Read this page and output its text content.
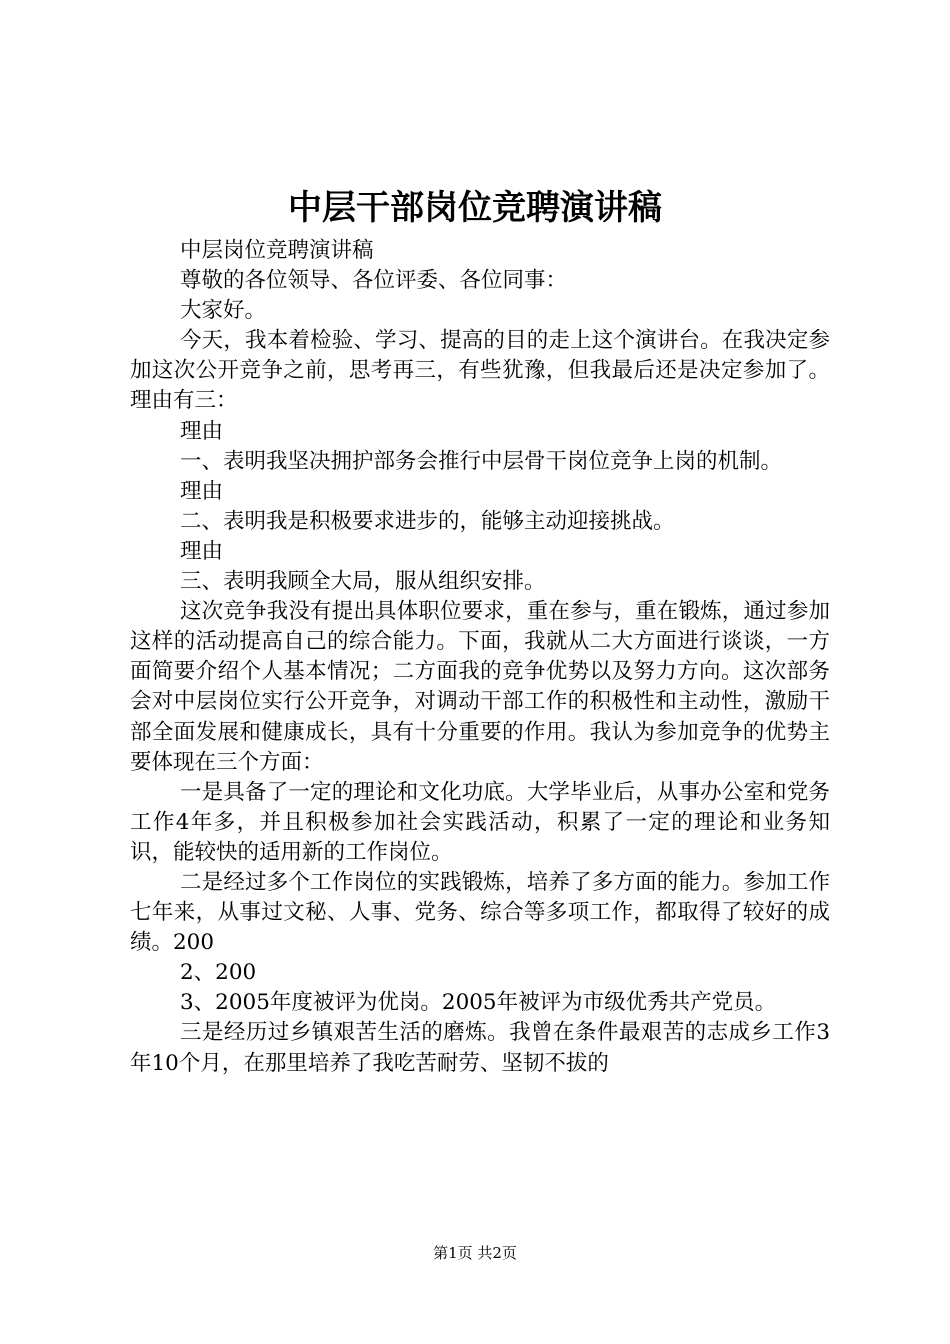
中层干部岗位竞聘演讲稿

中层岗位竞聘演讲稿

尊敬的各位领导、各位评委、各位同事：

大家好。

今天，我本着检验、学习、提高的目的走上这个演讲台。在我决定参加这次公开竞争之前，思考再三，有些犹豫，但我最后还是决定参加了。理由有三：

理由

一、表明我坚决拥护部务会推行中层骨干岗位竞争上岗的机制。

理由

二、表明我是积极要求进步的，能够主动迎接挑战。

理由

三、表明我顾全大局，服从组织安排。

这次竞争我没有提出具体职位要求，重在参与，重在锻炼，通过参加这样的活动提高自己的综合能力。下面，我就从二大方面进行谈谈，一方面简要介绍个人基本情况；二方面我的竞争优势以及努力方向。这次部务会对中层岗位实行公开竞争，对调动干部工作的积极性和主动性，激励干部全面发展和健康成长，具有十分重要的作用。我认为参加竞争的优势主要体现在三个方面：

一是具备了一定的理论和文化功底。大学毕业后，从事办公室和党务工作4年多，并且积极参加社会实践活动，积累了一定的理论和业务知识，能较快的适用新的工作岗位。

二是经过多个工作岗位的实践锻炼，培养了多方面的能力。参加工作七年来，从事过文秘、人事、党务、综合等多项工作，都取得了较好的成绩。200

2、200

3、2005年度被评为优岗。2005年被评为市级优秀共产党员。

三是经历过乡镇艰苦生活的磨炼。我曾在条件最艰苦的志成乡工作3年10个月，在那里培养了我吃苦耐劳、坚韧不拔的

第1页 共2页
